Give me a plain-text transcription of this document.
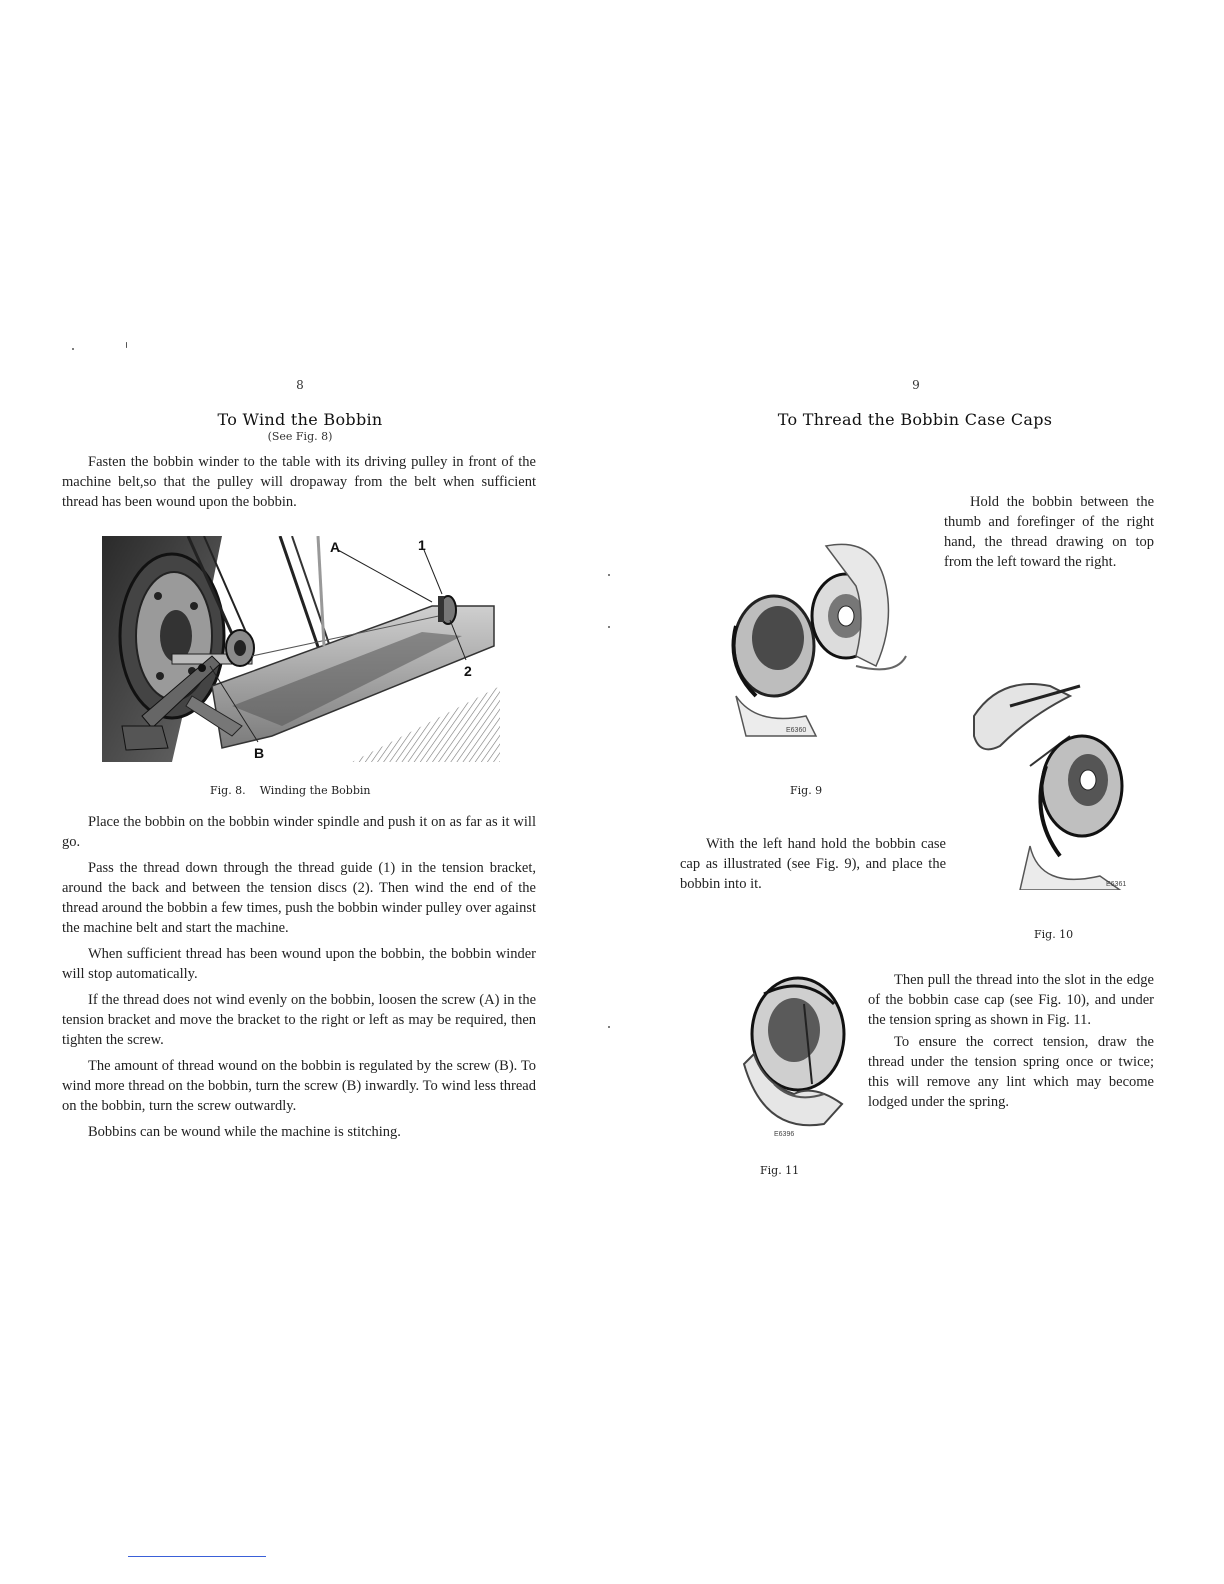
8
To Wind the Bobbin
(See Fig. 8)

Fasten the bobbin winder to the table with its driving pulley in front of the machine belt,so that the pulley will dropaway from the belt when sufficient thread has been wound upon the bobbin.

A	1
2
B
Fig. 8. Winding the Bobbin

Place the bobbin on the bobbin winder spindle and push it on as far as it will go.

Pass the thread down through the thread guide (1) in the tension bracket, around the back and between the tension discs (2). Then wind the end of the thread around the bobbin a few times, push the bobbin winder pulley over against the machine belt and start the machine.

When sufficient thread has been wound upon the bobbin, the bobbin winder will stop automatically.

If the thread does not wind evenly on the bobbin, loosen the screw (A) in the tension bracket and move the bracket to the right or left as may be required, then tighten the screw.

The amount of thread wound on the bobbin is regulated by the screw (B). To wind more thread on the bobbin, turn the screw (B) inwardly. To wind less thread on the bobbin, turn the screw outwardly.

Bobbins can be wound while the machine is stitching.

9
To Thread the Bobbin Case Caps

Hold the bobbin between the thumb and forefinger of the right hand, the thread drawing on top from the left toward the right.

E6360
Fig. 9

With the left hand hold the bobbin case cap as illustrated (see Fig. 9), and place the bobbin into it.	E6361
Fig. 10
E6396
Fig. 11

Then pull the thread into the slot in the edge of the bobbin case cap (see Fig. 10), and under the tension spring as shown in Fig. 11.

To ensure the correct tension, draw the thread under the tension spring once or twice; this will remove any lint which may become lodged under the spring.
